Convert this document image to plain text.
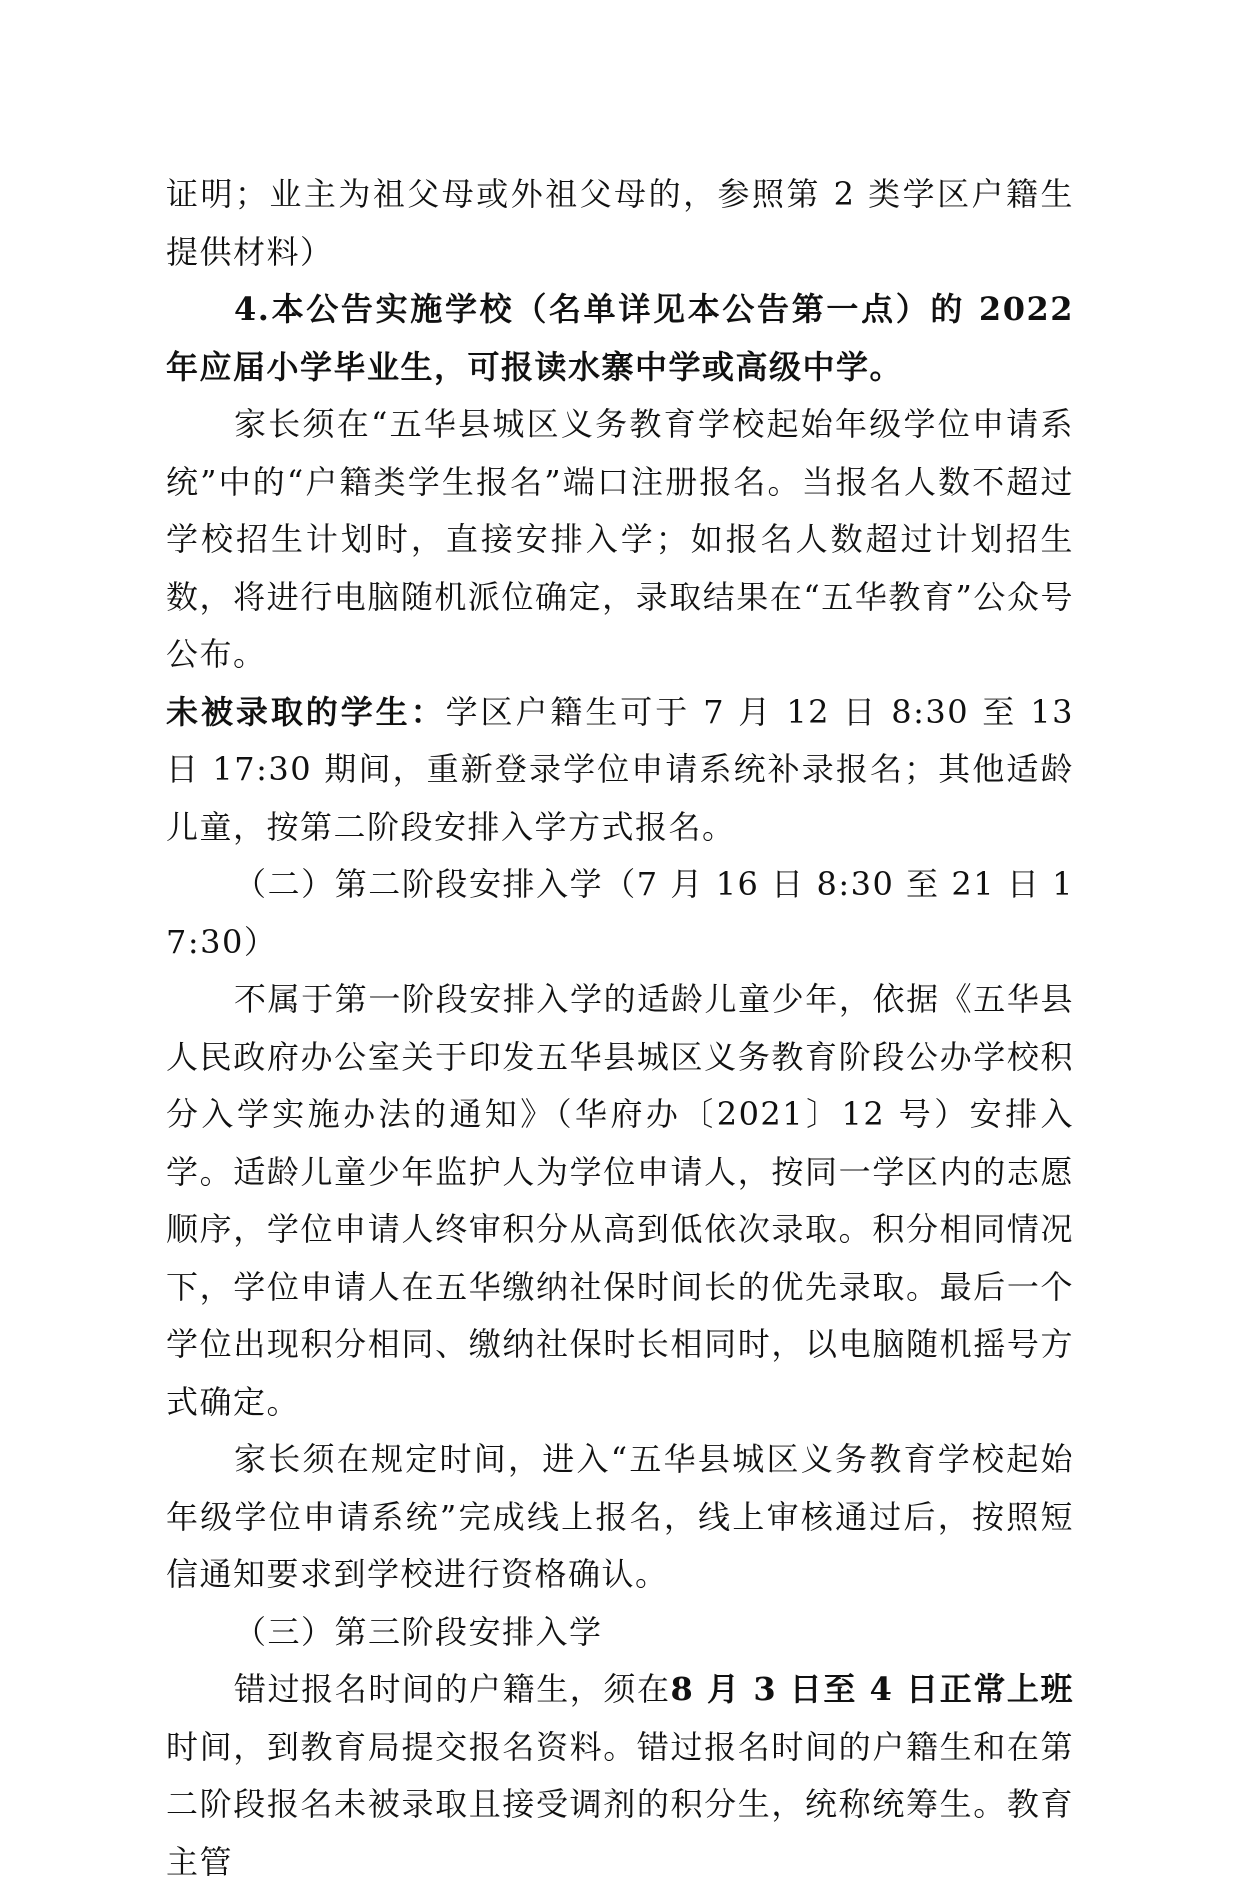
证明；业主为祖父母或外祖父母的，参照第 2 类学区户籍生提供材料）

4.本公告实施学校（名单详见本公告第一点）的 2022 年应届小学毕业生，可报读水寨中学或高级中学。

家长须在“五华县城区义务教育学校起始年级学位申请系统”中的“户籍类学生报名”端口注册报名。当报名人数不超过学校招生计划时，直接安排入学；如报名人数超过计划招生数，将进行电脑随机派位确定，录取结果在“五华教育”公众号公布。

未被录取的学生：学区户籍生可于 7 月 12 日 8:30 至 13 日 17:30 期间，重新登录学位申请系统补录报名；其他适龄儿童，按第二阶段安排入学方式报名。

（二）第二阶段安排入学（7 月 16 日 8:30 至 21 日 17:30）

不属于第一阶段安排入学的适龄儿童少年，依据《五华县人民政府办公室关于印发五华县城区义务教育阶段公办学校积分入学实施办法的通知》（华府办〔2021〕12 号）安排入学。适龄儿童少年监护人为学位申请人，按同一学区内的志愿顺序，学位申请人终审积分从高到低依次录取。积分相同情况下，学位申请人在五华缴纳社保时间长的优先录取。最后一个学位出现积分相同、缴纳社保时长相同时，以电脑随机摇号方式确定。

家长须在规定时间，进入“五华县城区义务教育学校起始年级学位申请系统”完成线上报名，线上审核通过后，按照短信通知要求到学校进行资格确认。

（三）第三阶段安排入学

错过报名时间的户籍生，须在8 月 3 日至 4 日正常上班时间，到教育局提交报名资料。错过报名时间的户籍生和在第二阶段报名未被录取且接受调剂的积分生，统称统筹生。教育主管
